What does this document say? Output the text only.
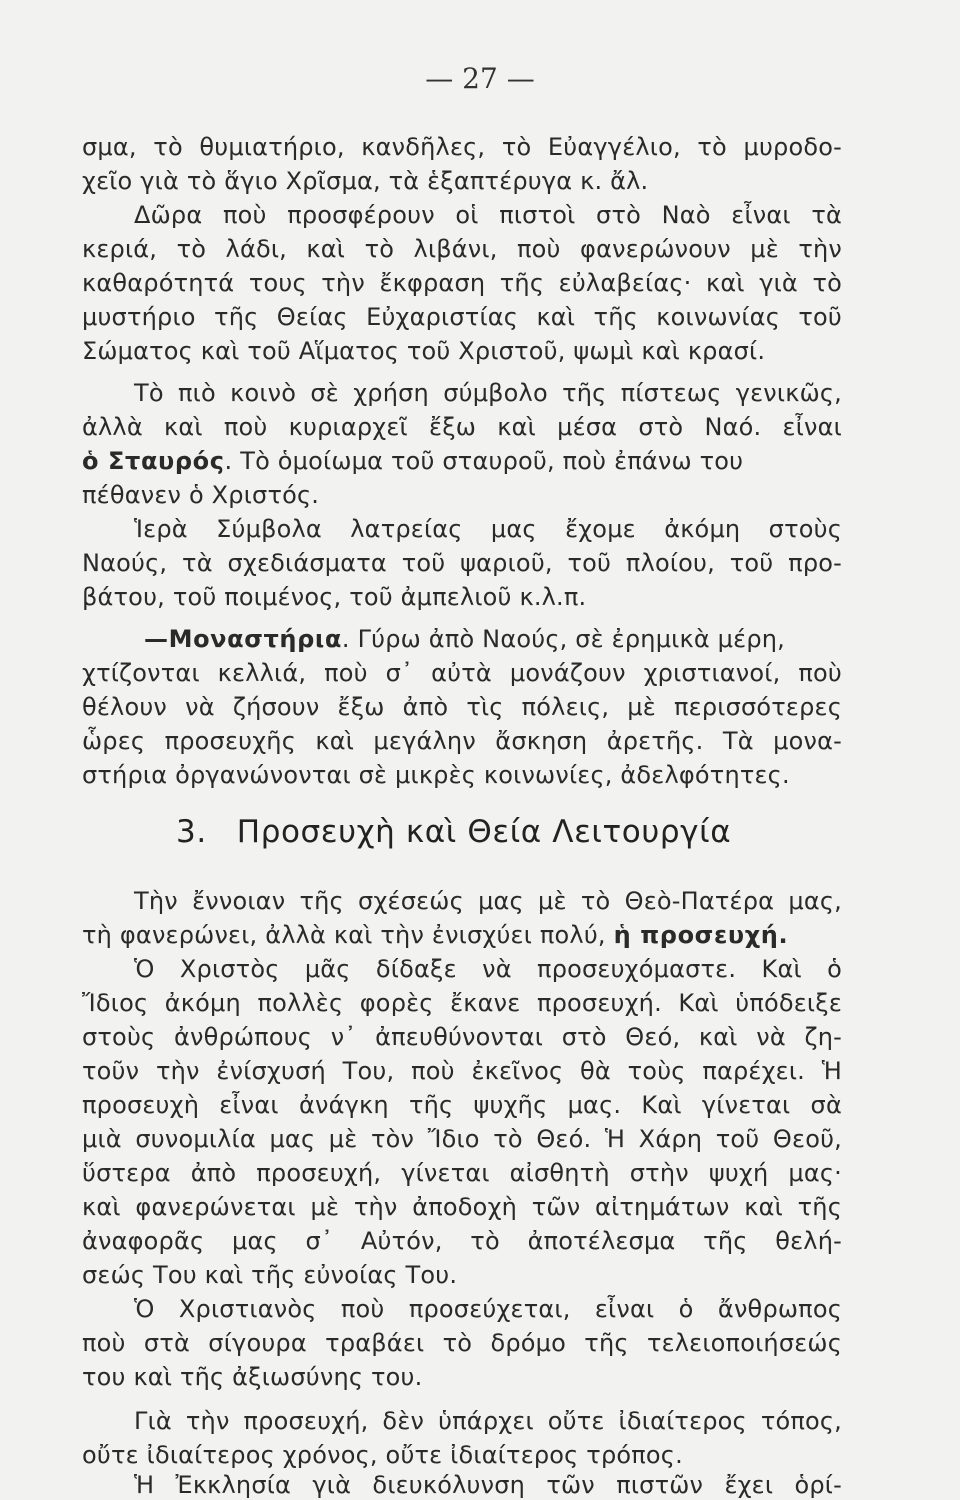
— 27 —
σμα, τὸ θυμιατήριο, κανδῆλες, τὸ Εὐαγγέλιο, τὸ μυροδο-
χεῖο γιὰ τὸ ἅγιο Χρῖσμα, τὰ ἑξαπτέρυγα κ. ἄλ.
Δῶρα ποὺ προσφέρουν οἱ πιστοὶ στὸ Ναὸ εἶναι τὰ
κεριά, τὸ λάδι, καὶ τὸ λιβάνι, ποὺ φανερώνουν μὲ τὴν
καθαρότητά τους τὴν ἔκφραση τῆς εὐλαβείας· καὶ γιὰ τὸ
μυστήριο τῆς Θείας Εὐχαριστίας καὶ τῆς κοινωνίας τοῦ
Σώματος καὶ τοῦ Αἵματος τοῦ Χριστοῦ, ψωμὶ καὶ κρασί.
Τὸ πιὸ κοινὸ σὲ χρήση σύμβολο τῆς πίστεως γενικῶς,
ἀλλὰ καὶ ποὺ κυριαρχεῖ ἔξω καὶ μέσα στὸ Ναό. εἶναι
ὁ Σταυρός. Τὸ ὁμοίωμα τοῦ σταυροῦ, ποὺ ἐπάνω του
πέθανεν ὁ Χριστός.
Ἱερὰ Σύμβολα λατρείας μας ἔχομε ἀκόμη στοὺς
Ναούς, τὰ σχεδιάσματα τοῦ ψαριοῦ, τοῦ πλοίου, τοῦ προ-
βάτου, τοῦ ποιμένος, τοῦ ἀμπελιοῦ κ.λ.π.
—Μοναστήρια. Γύρω ἀπὸ Ναούς, σὲ ἐρημικὰ μέρη,
χτίζονται κελλιά, ποὺ σ᾽ αὐτὰ μονάζουν χριστιανοί, ποὺ
θέλουν νὰ ζήσουν ἔξω ἀπὸ τὶς πόλεις, μὲ περισσότερες
ὧρες προσευχῆς καὶ μεγάλην ἄσκηση ἀρετῆς. Τὰ μονα-
στήρια ὀργανώνονται σὲ μικρὲς κοινωνίες, ἀδελφότητες.
3. Προσευχὴ καὶ Θεία Λειτουργία
Τὴν ἔννοιαν τῆς σχέσεώς μας μὲ τὸ Θεὸ-Πατέρα μας,
τὴ φανερώνει, ἀλλὰ καὶ τὴν ἐνισχύει πολύ, ἡ προσευχή.
Ὁ Χριστὸς μᾶς δίδαξε νὰ προσευχόμαστε. Καὶ ὁ
Ἴδιος ἀκόμη πολλὲς φορὲς ἔκανε προσευχή. Καὶ ὑπόδειξε
στοὺς ἀνθρώπους ν᾽ ἀπευθύνονται στὸ Θεό, καὶ νὰ ζη-
τοῦν τὴν ἐνίσχυσή Του, ποὺ ἐκεῖνος θὰ τοὺς παρέχει. Ἡ
προσευχὴ εἶναι ἀνάγκη τῆς ψυχῆς μας. Καὶ γίνεται σὰ
μιὰ συνομιλία μας μὲ τὸν Ἴδιο τὸ Θεό. Ἡ Χάρη τοῦ Θεοῦ,
ὕστερα ἀπὸ προσευχή, γίνεται αἰσθητὴ στὴν ψυχή μας·
καὶ φανερώνεται μὲ τὴν ἀποδοχὴ τῶν αἰτημάτων καὶ τῆς
ἀναφορᾶς μας σ᾽ Αὐτόν, τὸ ἀποτέλεσμα τῆς θελή-
σεώς Του καὶ τῆς εὐνοίας Του.
Ὁ Χριστιανὸς ποὺ προσεύχεται, εἶναι ὁ ἄνθρωπος
ποὺ στὰ σίγουρα τραβάει τὸ δρόμο τῆς τελειοποιήσεώς
του καὶ τῆς ἀξιωσύνης του.
Γιὰ τὴν προσευχή, δὲν ὑπάρχει οὔτε ἰδιαίτερος τόπος,
οὔτε ἰδιαίτερος χρόνος, οὔτε ἰδιαίτερος τρόπος.
Ἡ Ἐκκλησία γιὰ διευκόλυνση τῶν πιστῶν ἔχει ὁρί-
